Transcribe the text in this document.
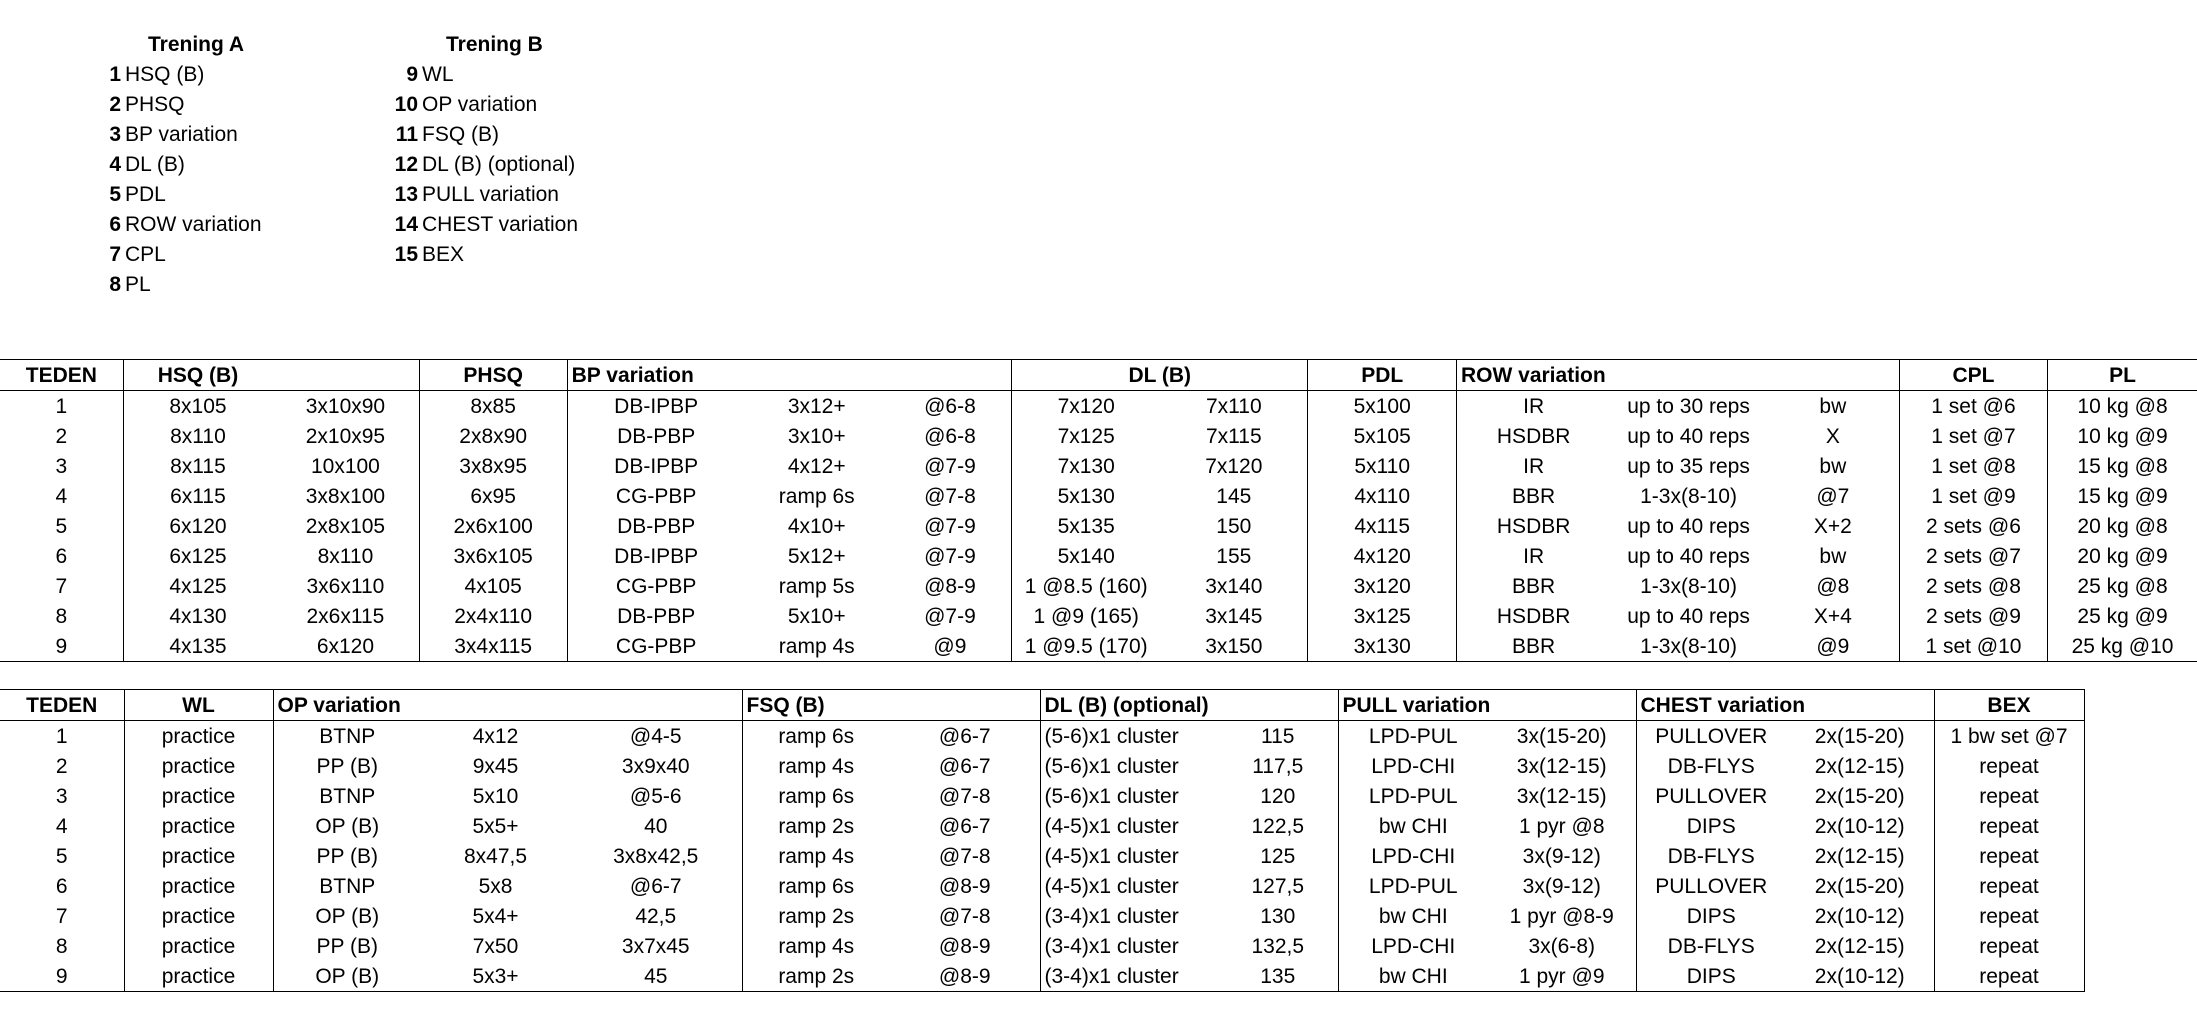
Trening A
1 HSQ (B)
2 PHSQ
3 BP variation
4 DL (B)
5 PDL
6 ROW variation
7 CPL
8 PL
Trening B
9 WL
10 OP variation
11 FSQ (B)
12 DL (B) (optional)
13 PULL variation
14 CHEST variation
15 BEX
TEDEN	HSQ (B)		PHSQ	BP variation			DL (B)		PDL	ROW variation			CPL	PL
1	8x105	3x10x90	8x85	DB-IPBP	3x12+	@6-8	7x120	7x110	5x100	IR	up to 30 reps	bw	1 set @6	10 kg @8
2	8x110	2x10x95	2x8x90	DB-PBP	3x10+	@6-8	7x125	7x115	5x105	HSDBR	up to 40 reps	X	1 set @7	10 kg @9
3	8x115	10x100	3x8x95	DB-IPBP	4x12+	@7-9	7x130	7x120	5x110	IR	up to 35 reps	bw	1 set @8	15 kg @8
4	6x115	3x8x100	6x95	CG-PBP	ramp 6s	@7-8	5x130	145	4x110	BBR	1-3x(8-10)	@7	1 set @9	15 kg @9
5	6x120	2x8x105	2x6x100	DB-PBP	4x10+	@7-9	5x135	150	4x115	HSDBR	up to 40 reps	X+2	2 sets @6	20 kg @8
6	6x125	8x110	3x6x105	DB-IPBP	5x12+	@7-9	5x140	155	4x120	IR	up to 40 reps	bw	2 sets @7	20 kg @9
7	4x125	3x6x110	4x105	CG-PBP	ramp 5s	@8-9	1 @8.5 (160)	3x140	3x120	BBR	1-3x(8-10)	@8	2 sets @8	25 kg @8
8	4x130	2x6x115	2x4x110	DB-PBP	5x10+	@7-9	1 @9 (165)	3x145	3x125	HSDBR	up to 40 reps	X+4	2 sets @9	25 kg @9
9	4x135	6x120	3x4x115	CG-PBP	ramp 4s	@9	1 @9.5 (170)	3x150	3x130	BBR	1-3x(8-10)	@9	1 set @10	25 kg @10
TEDEN	WL	OP variation			FSQ (B)		DL (B) (optional)		PULL variation		CHEST variation		BEX
1	practice	BTNP	4x12	@4-5	ramp 6s	@6-7	(5-6)x1 cluster	115	LPD-PUL	3x(15-20)	PULLOVER	2x(15-20)	1 bw set @7
2	practice	PP (B)	9x45	3x9x40	ramp 4s	@6-7	(5-6)x1 cluster	117,5	LPD-CHI	3x(12-15)	DB-FLYS	2x(12-15)	repeat
3	practice	BTNP	5x10	@5-6	ramp 6s	@7-8	(5-6)x1 cluster	120	LPD-PUL	3x(12-15)	PULLOVER	2x(15-20)	repeat
4	practice	OP (B)	5x5+	40	ramp 2s	@6-7	(4-5)x1 cluster	122,5	bw CHI	1 pyr @8	DIPS	2x(10-12)	repeat
5	practice	PP (B)	8x47,5	3x8x42,5	ramp 4s	@7-8	(4-5)x1 cluster	125	LPD-CHI	3x(9-12)	DB-FLYS	2x(12-15)	repeat
6	practice	BTNP	5x8	@6-7	ramp 6s	@8-9	(4-5)x1 cluster	127,5	LPD-PUL	3x(9-12)	PULLOVER	2x(15-20)	repeat
7	practice	OP (B)	5x4+	42,5	ramp 2s	@7-8	(3-4)x1 cluster	130	bw CHI	1 pyr @8-9	DIPS	2x(10-12)	repeat
8	practice	PP (B)	7x50	3x7x45	ramp 4s	@8-9	(3-4)x1 cluster	132,5	LPD-CHI	3x(6-8)	DB-FLYS	2x(12-15)	repeat
9	practice	OP (B)	5x3+	45	ramp 2s	@8-9	(3-4)x1 cluster	135	bw CHI	1 pyr @9	DIPS	2x(10-12)	repeat
